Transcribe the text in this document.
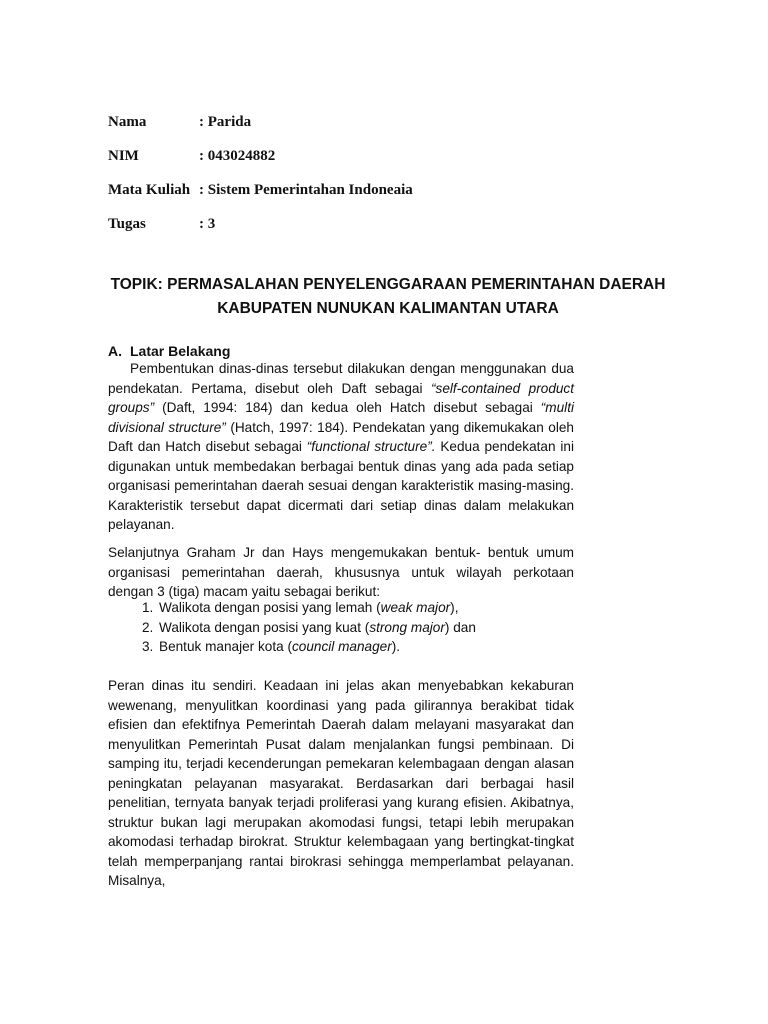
Nama	: Parida
NIM	: 043024882
Mata Kuliah : Sistem Pemerintahan Indoneaia
Tugas	: 3
TOPIK: PERMASALAHAN PENYELENGGARAAN PEMERINTAHAN DAERAH
KABUPATEN NUNUKAN KALIMANTAN UTARA
A. Latar Belakang
Pembentukan dinas-dinas tersebut dilakukan dengan menggunakan dua pendekatan. Pertama, disebut oleh Daft sebagai “self-contained product groups” (Daft, 1994: 184) dan kedua oleh Hatch disebut sebagai “multi divisional structure” (Hatch, 1997: 184). Pendekatan yang dikemukakan oleh Daft dan Hatch disebut sebagai “functional structure”. Kedua pendekatan ini digunakan untuk membedakan berbagai bentuk dinas yang ada pada setiap organisasi pemerintahan daerah sesuai dengan karakteristik masing-masing. Karakteristik tersebut dapat dicermati dari setiap dinas dalam melakukan pelayanan.
Selanjutnya Graham Jr dan Hays mengemukakan bentuk- bentuk umum organisasi pemerintahan daerah, khususnya untuk wilayah perkotaan dengan 3 (tiga) macam yaitu sebagai berikut:
1. Walikota dengan posisi yang lemah (weak major),
2. Walikota dengan posisi yang kuat (strong major) dan
3. Bentuk manajer kota (council manager).
Peran dinas itu sendiri. Keadaan ini jelas akan menyebabkan kekaburan wewenang, menyulitkan koordinasi yang pada gilirannya berakibat tidak efisien dan efektifnya Pemerintah Daerah dalam melayani masyarakat dan menyulitkan Pemerintah Pusat dalam menjalankan fungsi pembinaan. Di samping itu, terjadi kecenderungan pemekaran kelembagaan dengan alasan peningkatan pelayanan masyarakat. Berdasarkan dari berbagai hasil penelitian, ternyata banyak terjadi proliferasi yang kurang efisien. Akibatnya, struktur bukan lagi merupakan akomodasi fungsi, tetapi lebih merupakan akomodasi terhadap birokrat. Struktur kelembagaan yang bertingkat-tingkat telah memperpanjang rantai birokrasi sehingga memperlambat pelayanan. Misalnya,
